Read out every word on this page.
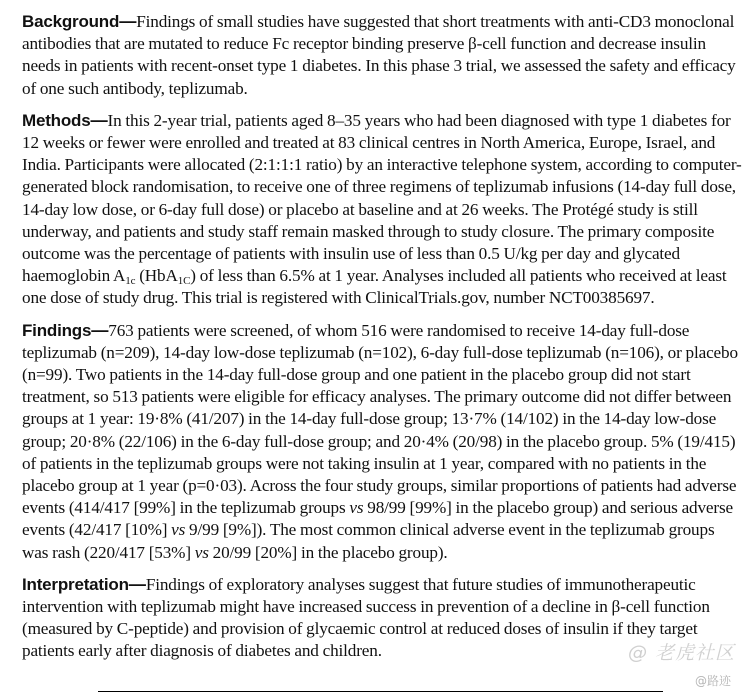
Background—Findings of small studies have suggested that short treatments with anti-CD3 monoclonal antibodies that are mutated to reduce Fc receptor binding preserve β-cell function and decrease insulin needs in patients with recent-onset type 1 diabetes. In this phase 3 trial, we assessed the safety and efficacy of one such antibody, teplizumab.

Methods—In this 2-year trial, patients aged 8–35 years who had been diagnosed with type 1 diabetes for 12 weeks or fewer were enrolled and treated at 83 clinical centres in North America, Europe, Israel, and India. Participants were allocated (2:1:1:1 ratio) by an interactive telephone system, according to computer-generated block randomisation, to receive one of three regimens of teplizumab infusions (14-day full dose, 14-day low dose, or 6-day full dose) or placebo at baseline and at 26 weeks. The Protégé study is still underway, and patients and study staff remain masked through to study closure. The primary composite outcome was the percentage of patients with insulin use of less than 0.5 U/kg per day and glycated haemoglobin $A_{1c}$ (HbA$_{1C}$) of less than 6.5% at 1 year. Analyses included all patients who received at least one dose of study drug. This trial is registered with ClinicalTrials.gov, number NCT00385697.

Findings—763 patients were screened, of whom 516 were randomised to receive 14-day full-dose teplizumab (n=209), 14-day low-dose teplizumab (n=102), 6-day full-dose teplizumab (n=106), or placebo (n=99). Two patients in the 14-day full-dose group and one patient in the placebo group did not start treatment, so 513 patients were eligible for efficacy analyses. The primary outcome did not differ between groups at 1 year: 19·8% (41/207) in the 14-day full-dose group; 13·7% (14/102) in the 14-day low-dose group; 20·8% (22/106) in the 6-day full-dose group; and 20·4% (20/98) in the placebo group. 5% (19/415) of patients in the teplizumab groups were not taking insulin at 1 year, compared with no patients in the placebo group at 1 year (p=0·03). Across the four study groups, similar proportions of patients had adverse events (414/417 [99%] in the teplizumab groups vs 98/99 [99%] in the placebo group) and serious adverse events (42/417 [10%] vs 9/99 [9%]). The most common clinical adverse event in the teplizumab groups was rash (220/417 [53%] vs 20/99 [20%] in the placebo group).

Interpretation—Findings of exploratory analyses suggest that future studies of immunotherapeutic intervention with teplizumab might have increased success in prevention of a decline in β-cell function (measured by C-peptide) and provision of glycaemic control at reduced doses of insulin if they target patients early after diagnosis of diabetes and children.	@ 老虎社区
@路迹
